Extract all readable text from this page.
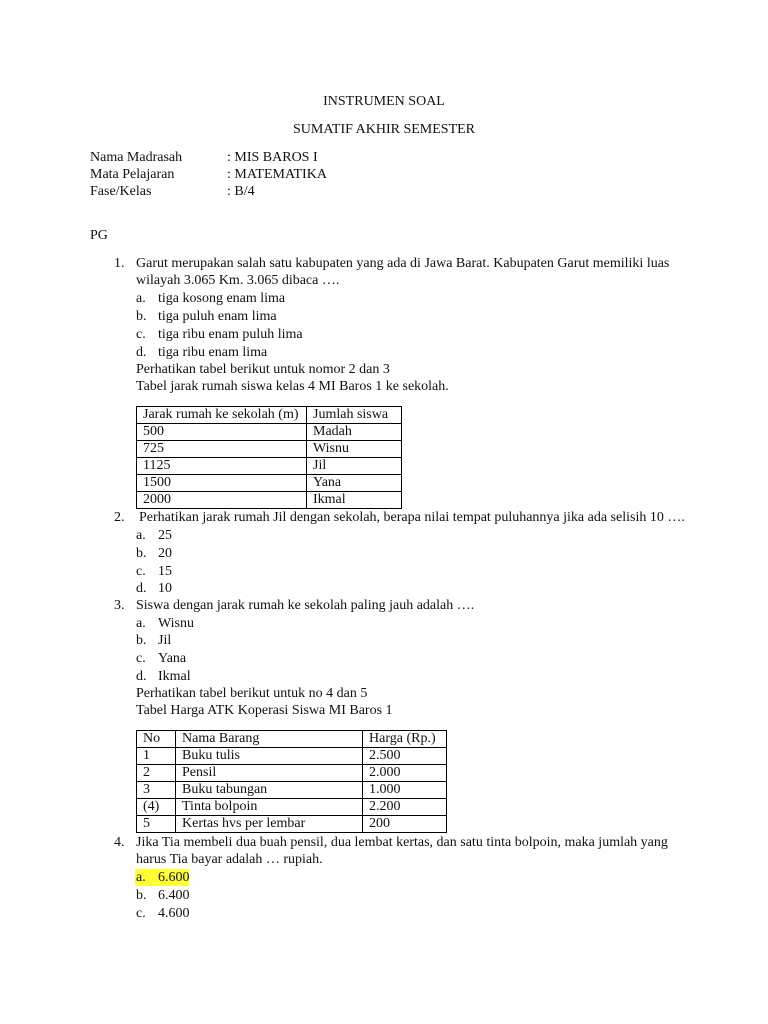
INSTRUMEN SOAL
SUMATIF AKHIR SEMESTER
Nama Madrasah	: MIS BAROS I
Mata Pelajaran	: MATEMATIKA
Fase/Kelas	: B/4
PG
1. Garut merupakan salah satu kabupaten yang ada di Jawa Barat. Kabupaten Garut memiliki luas
wilayah 3.065 Km. 3.065 dibaca ….
a. tiga kosong enam lima
b. tiga puluh enam lima
c. tiga ribu enam puluh lima
d. tiga ribu enam lima
Perhatikan tabel berikut untuk nomor 2 dan 3
Tabel jarak rumah siswa kelas 4 MI Baros 1 ke sekolah.
Jarak rumah ke sekolah (m)	Jumlah siswa
500	Madah
725	Wisnu
1125	Jil
1500	Yana
2000	Ikmal
2. Perhatikan jarak rumah Jil dengan sekolah, berapa nilai tempat puluhannya jika ada selisih 10 ….
a. 25
b. 20
c. 15
d. 10
3. Siswa dengan jarak rumah ke sekolah paling jauh adalah ….
a. Wisnu
b. Jil
c. Yana
d. Ikmal
Perhatikan tabel berikut untuk no 4 dan 5
Tabel Harga ATK Koperasi Siswa MI Baros 1
No	Nama Barang	Harga (Rp.)
1	Buku tulis	2.500
2	Pensil	2.000
3	Buku tabungan	1.000
(4)	Tinta bolpoin	2.200
5	Kertas hvs per lembar	200
4. Jika Tia membeli dua buah pensil, dua lembat kertas, dan satu tinta bolpoin, maka jumlah yang
harus Tia bayar adalah … rupiah.
a. 6.600
b. 6.400
c. 4.600
